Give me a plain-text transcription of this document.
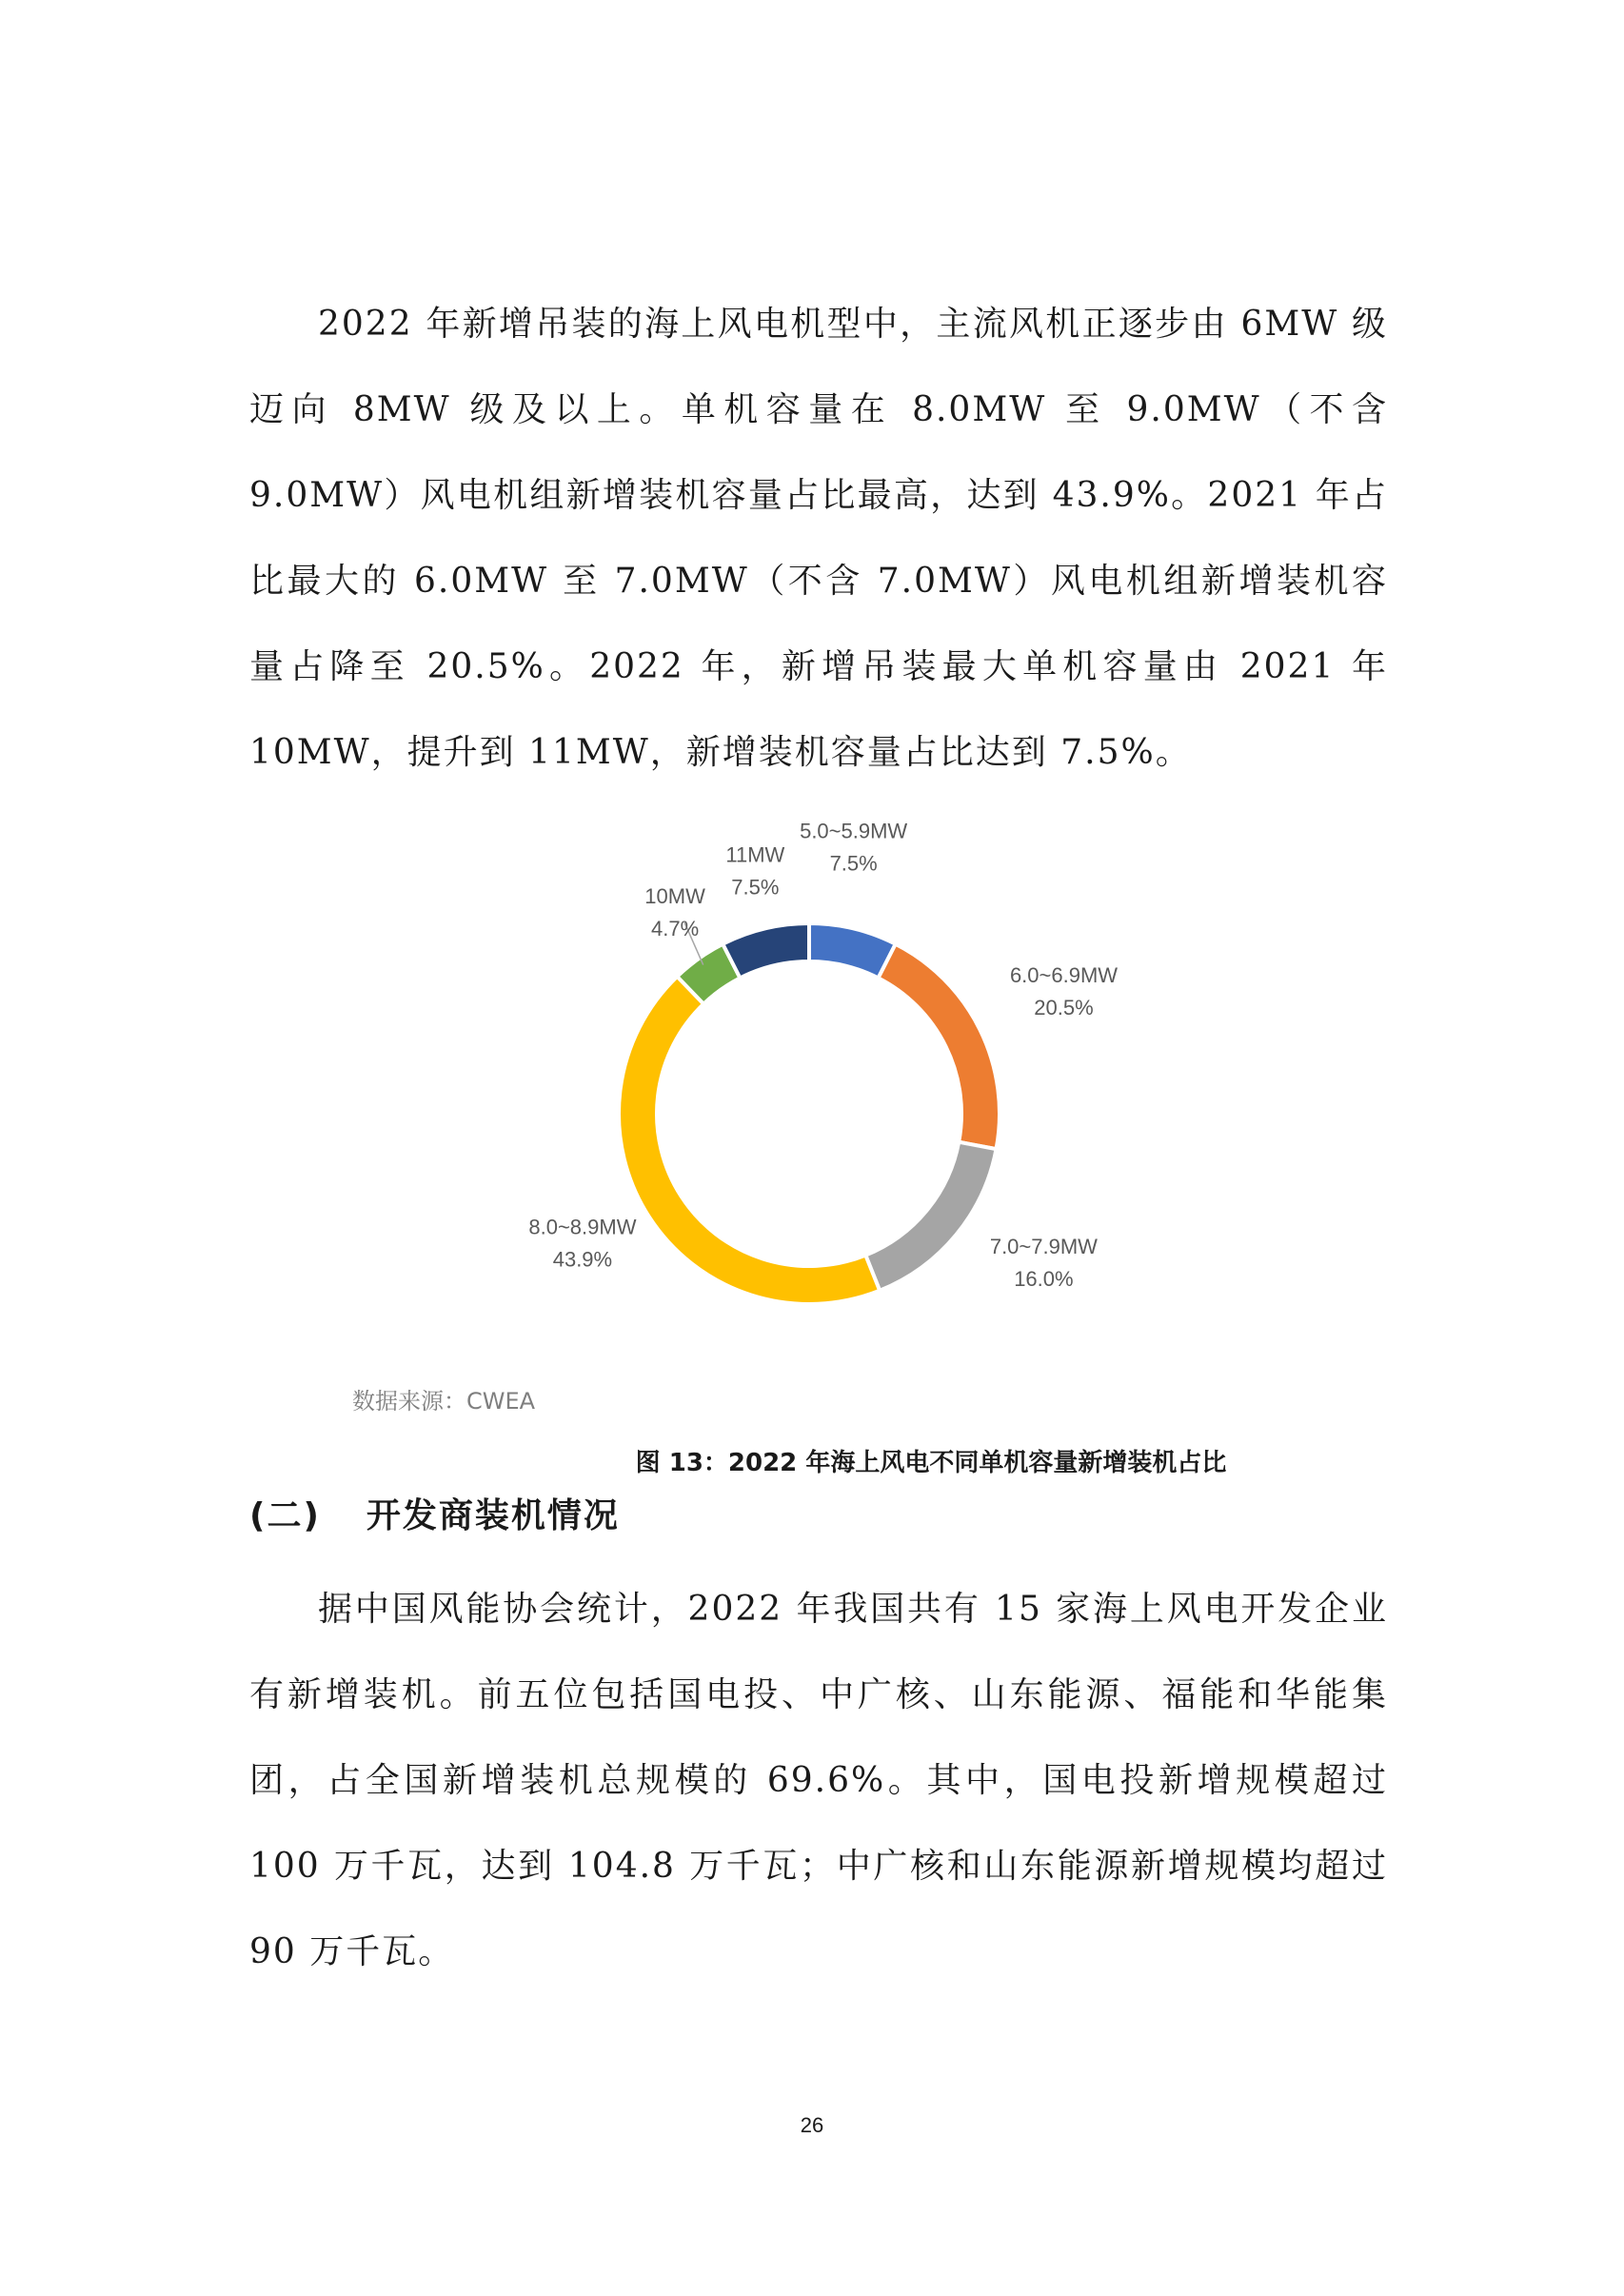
2022 年新增吊装的海上风电机型中，主流风机正逐步由 6MW 级迈向 8MW 级及以上。单机容量在 8.0MW 至 9.0MW（不含 9.0MW）风电机组新增装机容量占比最高，达到 43.9%。2021 年占比最大的 6.0MW 至 7.0MW（不含 7.0MW）风电机组新增装机容量占降至 20.5%。2022 年，新增吊装最大单机容量由 2021 年 10MW，提升到 11MW，新增装机容量占比达到 7.5%。

5.0~5.9MW
7.5%
6.0~6.9MW
20.5%
7.0~7.9MW
16.0%
8.0~8.9MW
43.9%
10MW
4.7%
11MW
7.5%

数据来源：CWEA

图 13：2022 年海上风电不同单机容量新增装机占比

(二) 开发商装机情况

据中国风能协会统计，2022 年我国共有 15 家海上风电开发企业有新增装机。前五位包括国电投、中广核、山东能源、福能和华能集团，占全国新增装机总规模的 69.6%。其中，国电投新增规模超过 100 万千瓦，达到 104.8 万千瓦；中广核和山东能源新增规模均超过 90 万千瓦。

26
